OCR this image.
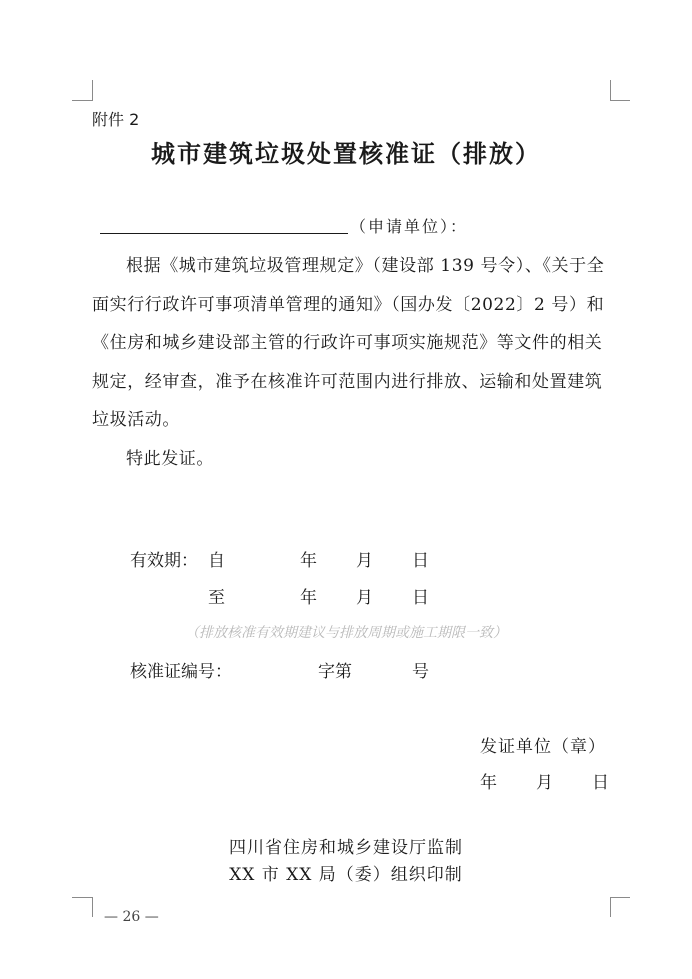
附件 2
城市建筑垃圾处置核准证（排放）
（申请单位）：

根据《城市建筑垃圾管理规定》（建设部 139 号令）、《关于全面实行行政许可事项清单管理的通知》（国办发〔2022〕2 号）和《住房和城乡建设部主管的行政许可事项实施规范》等文件的相关规定，经审查，准予在核准许可范围内进行排放、运输和处置建筑垃圾活动。

特此发证。

有效期： 自	年 月 日
至	年 月 日
（排放核准有效期建议与排放周期或施工期限一致）
核准证编号：	字第	号
发证单位（章）
年 月 日
四川省住房和城乡建设厅监制
XX 市 XX 局（委）组织印制
— 26 —
